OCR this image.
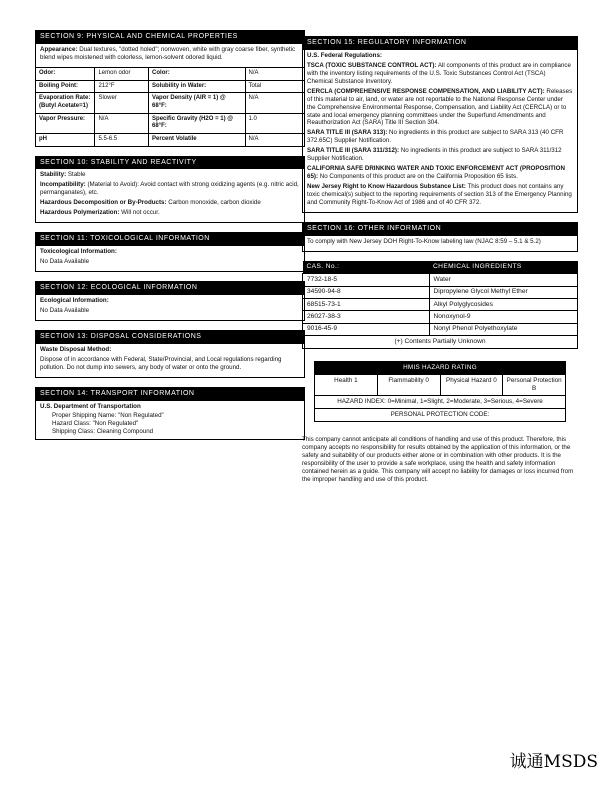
SECTION 9: PHYSICAL AND CHEMICAL PROPERTIES

Appearance: Dual textures, "dotted holed"; nonwoven, white with gray coarse fiber, synthetic blend wipes moistened with colorless, lemon-solvent odored liquid.

Odor:	Lemon odor	Color:	N/A
Boiling Point:	212°F	Solubility in Water:	Total
Evaporation Rate: (Butyl Acetate=1)	Slower	Vapor Density (AIR = 1) @ 68°F:	N/A
Vapor Pressure:	N/A	Specific Gravity (H2O = 1) @ 68°F:	1.0
pH	5.5-6.5	Percent Volatile	N/A
SECTION 10: STABILITY AND REACTIVITY

Stability: Stable

Incompatibility: (Material to Avoid): Avoid contact with strong oxidizing agents (e.g. nitric acid, permanganates), etc.

Hazardous Decomposition or By-Products: Carbon monoxide, carbon dioxide

Hazardous Polymerization: Will not occur.

SECTION 11: TOXICOLOGICAL INFORMATION

Toxicological Information:

No Data Available

SECTION 12: ECOLOGICAL INFORMATION

Ecological Information:

No Data Available

SECTION 13: DISPOSAL CONSIDERATIONS

Waste Disposal Method:

Dispose of in accordance with Federal, State/Provincial, and Local regulations regarding pollution. Do not dump into sewers, any body of water or onto the ground.

SECTION 14: TRANSPORT INFORMATION

U.S. Department of Transportation

Proper Shipping Name: "Non Regulated"
Hazard Class: "Non Regulated"
Shipping Class: Cleaning Compound
SECTION 15: REGULATORY INFORMATION

U.S. Federal Regulations:

TSCA (TOXIC SUBSTANCE CONTROL ACT): All components of this product are in compliance with the inventory listing requirements of the U.S. Toxic Substances Control Act (TSCA) Chemical Substance Inventory.

CERCLA (COMPREHENSIVE RESPONSE COMPENSATION, AND LIABILITY ACT): Releases of this material to air, land, or water are not reportable to the National Response Center under the Comprehensive Environmental Response, Compensation, and Liability Act (CERCLA) or to state and local emergency planning committees under the Superfund Amendments and Reauthorization Act (SARA) Title III Section 304.

SARA TITLE III (SARA 313): No ingredients in this product are subject to SARA 313 (40 CFR 372.65C) Supplier Notification.

SARA TITLE III (SARA 311/312): No ingredients in this product are subject to SARA 311/312 Supplier Notification.

CALIFORNIA SAFE DRINKING WATER AND TOXIC ENFORCEMENT ACT (PROPOSITION 65): No Components of this product are on the California Proposition 65 lists.

New Jersey Right to Know Hazardous Substance List: This product does not contains any toxic chemical(s) subject to the reporting requirements of section 313 of the Emergency Planning and Community Right-To-Know Act of 1986 and of 40 CFR 372.

SECTION 16: OTHER INFORMATION

To comply with New Jersey DOH Right-To-Know labeling law (NJAC 8:59 – 5.1 & 5.2)

CAS. No.:	CHEMICAL INGREDIENTS
7732-18-5	Water
34590-94-8	Dipropylene Glycol Methyl Ether
68515-73-1	Alkyl Polyglycosides
26027-38-3	Nonoxynol-9
9016-45-9	Nonyl Phenol Polyethoxylate
(+) Contents Partially Unknown	
HMIS HAZARD RATING
Health 1	Flammability 0	Physical Hazard 0	Personal Protection B
HAZARD INDEX: 0=Minimal, 1=Slight, 2=Moderate, 3=Serious, 4=Severe
PERSONAL PROTECTION CODE:
This company cannot anticipate all conditions of handling and use of this product. Therefore, this company accepts no responsibility for results obtained by the application of this information, or the safety and suitability of our products either alone or in combination with other products. It is the responsibility of the user to provide a safe workplace, using the health and safety information contained herein as a guide. This company will accept no liability for damages or loss incurred from the improper handling and use of this product.
诚通MSDS
